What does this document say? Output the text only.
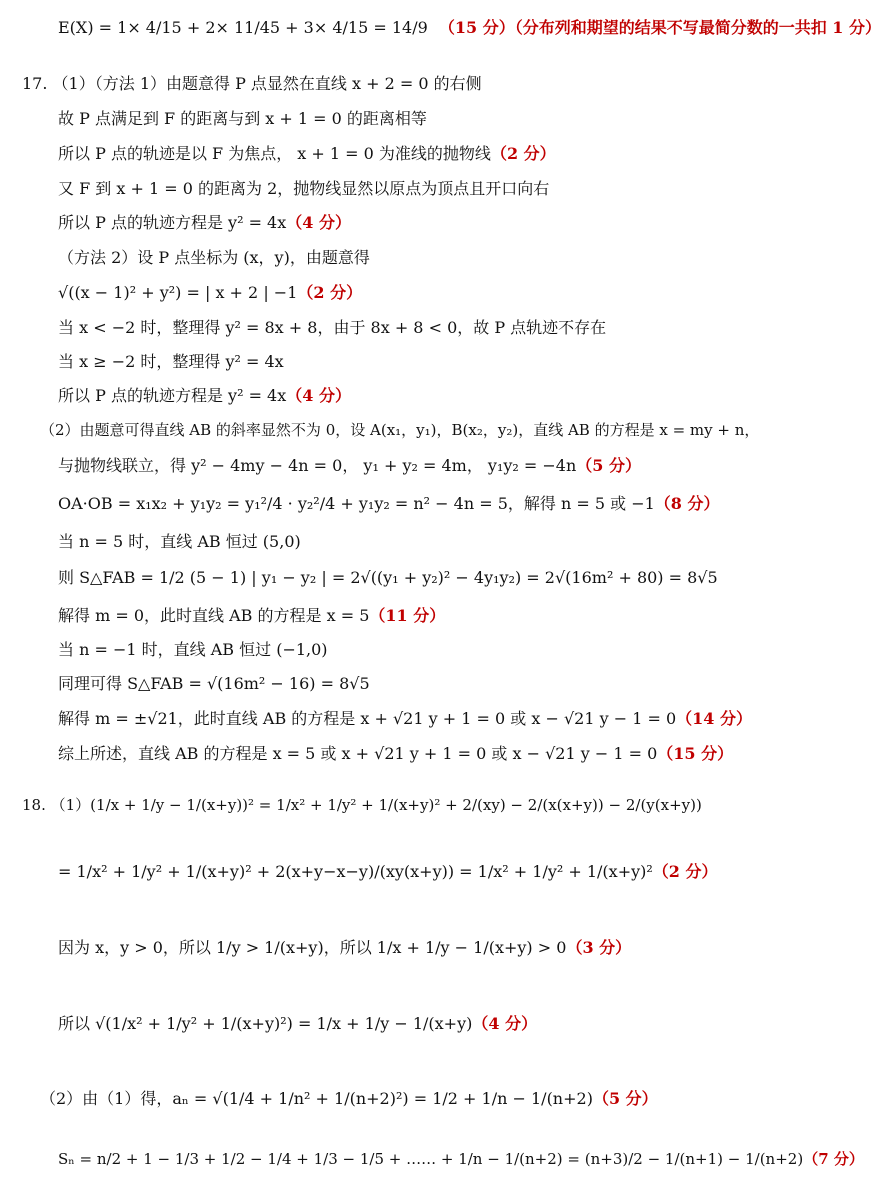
E(X) = 1× 4/15 + 2× 11/45 + 3× 4/15 = 14/9 （15 分）（分布列和期望的结果不写最简分数的一共扣 1 分）
17. （1）（方法 1）由题意得 P 点显然在直线 x + 2 = 0 的右侧
故 P 点满足到 F 的距离与到 x + 1 = 0 的距离相等
所以 P 点的轨迹是以 F 为焦点， x + 1 = 0 为准线的抛物线（2 分）
又 F 到 x + 1 = 0 的距离为 2，抛物线显然以原点为顶点且开口向右
所以 P 点的轨迹方程是 y² = 4x（4 分）
（方法 2）设 P 点坐标为 (x，y)，由题意得
√((x − 1)² + y²) = | x + 2 | −1（2 分）
当 x < −2 时，整理得 y² = 8x + 8，由于 8x + 8 < 0，故 P 点轨迹不存在
当 x ≥ −2 时，整理得 y² = 4x
所以 P 点的轨迹方程是 y² = 4x（4 分）
（2）由题意可得直线 AB 的斜率显然不为 0，设 A(x₁，y₁)，B(x₂，y₂)，直线 AB 的方程是 x = my + n，
与抛物线联立，得 y² − 4my − 4n = 0， y₁ + y₂ = 4m， y₁y₂ = −4n（5 分）
OA·OB = x₁x₂ + y₁y₂ = y₁²/4 · y₂²/4 + y₁y₂ = n² − 4n = 5，解得 n = 5 或 −1（8 分）
当 n = 5 时，直线 AB 恒过 (5,0)
则 S△FAB = 1/2 (5 − 1) | y₁ − y₂ | = 2√((y₁ + y₂)² − 4y₁y₂) = 2√(16m² + 80) = 8√5
解得 m = 0，此时直线 AB 的方程是 x = 5（11 分）
当 n = −1 时，直线 AB 恒过 (−1,0)
同理可得 S△FAB = √(16m² − 16) = 8√5
解得 m = ±√21，此时直线 AB 的方程是 x + √21 y + 1 = 0 或 x − √21 y − 1 = 0（14 分）
综上所述，直线 AB 的方程是 x = 5 或 x + √21 y + 1 = 0 或 x − √21 y − 1 = 0（15 分）
18. （1）(1/x + 1/y − 1/(x+y))² = 1/x² + 1/y² + 1/(x+y)² + 2/(xy) − 2/(x(x+y)) − 2/(y(x+y))
= 1/x² + 1/y² + 1/(x+y)² + 2(x+y−x−y)/(xy(x+y)) = 1/x² + 1/y² + 1/(x+y)²（2 分）
因为 x，y > 0，所以 1/y > 1/(x+y)，所以 1/x + 1/y − 1/(x+y) > 0（3 分）
所以 √(1/x² + 1/y² + 1/(x+y)²) = 1/x + 1/y − 1/(x+y)（4 分）
（2）由（1）得，aₙ = √(1/4 + 1/n² + 1/(n+2)²) = 1/2 + 1/n − 1/(n+2)（5 分）
Sₙ = n/2 + 1 − 1/3 + 1/2 − 1/4 + 1/3 − 1/5 + …… + 1/n − 1/(n+2) = (n+3)/2 − 1/(n+1) − 1/(n+2)（7 分）
